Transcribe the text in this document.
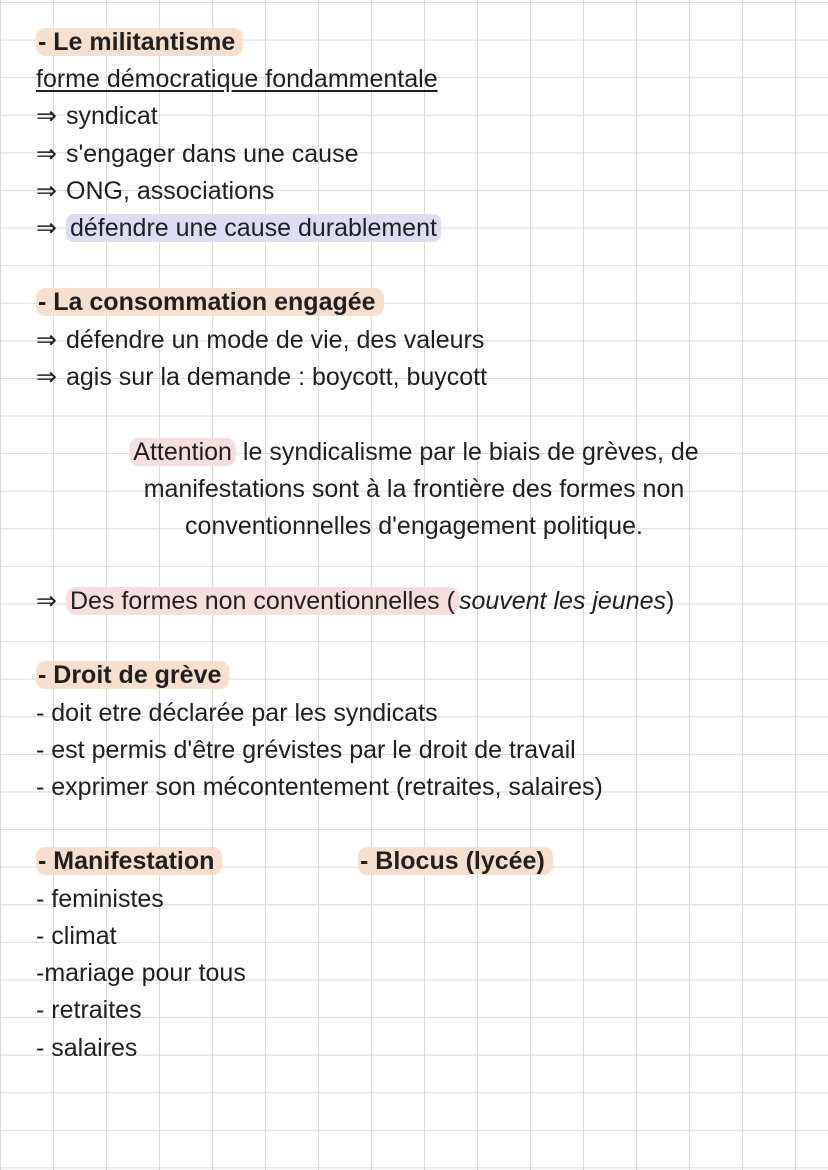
- Le militantisme
forme démocratique fondammentale
⇒ syndicat
⇒ s'engager dans une cause
⇒ ONG, associations
⇒ défendre une cause durablement
- La consommation engagée
⇒ défendre un mode de vie, des valeurs
⇒ agis sur la demande : boycott, buycott
Attention le syndicalisme par le biais de grèves, de
manifestations sont à la frontière des formes non
conventionnelles d'engagement politique.
⇒ Des formes non conventionnelles ( souvent les jeunes)
- Droit de grève
- doit etre déclarée par les syndicats
- est permis d'être grévistes par le droit de travail
- exprimer son mécontentement (retraites, salaires)
- Manifestation	- Blocus (lycée)
- feministes
- climat
-mariage pour tous
- retraites
- salaires
